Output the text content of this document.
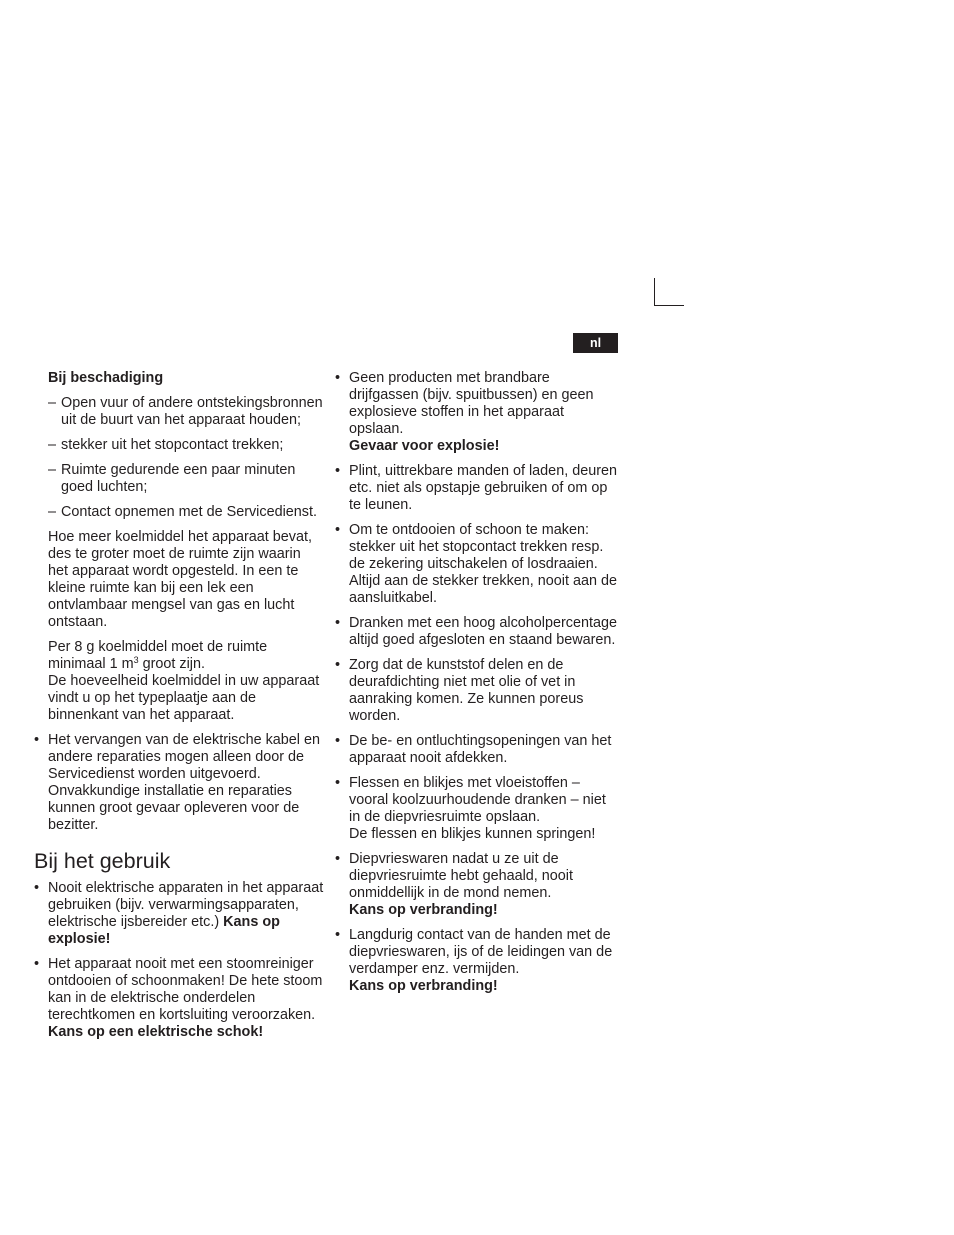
nl

Bij beschadiging

– Open vuur of andere ontstekingsbronnen uit de buurt van het apparaat houden;
– stekker uit het stopcontact trekken;
– Ruimte gedurende een paar minuten goed luchten;
– Contact opnemen met de Servicedienst.

Hoe meer koelmiddel het apparaat bevat, des te groter moet de ruimte zijn waarin het apparaat wordt opgesteld. In een te kleine ruimte kan bij een lek een ontvlambaar mengsel van gas en lucht ontstaan.

Per 8 g koelmiddel moet de ruimte minimaal 1 $m^3$ groot zijn.
De hoeveelheid koelmiddel in uw apparaat vindt u op het typeplaatje aan de binnenkant van het apparaat.
• Het vervangen van de elektrische kabel en andere reparaties mogen alleen door de Servicedienst worden uitgevoerd. Onvakkundige installatie en reparaties kunnen groot gevaar opleveren voor de bezitter.
Bij het gebruik
• Nooit elektrische apparaten in het apparaat gebruiken (bijv. verwarmingsapparaten, elektrische ijsbereider etc.) Kans op explosie!
• Het apparaat nooit met een stoomreiniger ontdooien of schoonmaken! De hete stoom kan in de elektrische onderdelen terechtkomen en kortsluiting veroorzaken.
Kans op een elektrische schok!
• Geen producten met brandbare drijfgassen (bijv. spuitbussen) en geen explosieve stoffen in het apparaat opslaan.
Gevaar voor explosie!
• Plint, uittrekbare manden of laden, deuren etc. niet als opstapje gebruiken of om op te leunen.
• Om te ontdooien of schoon te maken: stekker uit het stopcontact trekken resp. de zekering uitschakelen of losdraaien.
Altijd aan de stekker trekken, nooit aan de aansluitkabel.
• Dranken met een hoog alcoholpercentage altijd goed afgesloten en staand bewaren.
• Zorg dat de kunststof delen en de deurafdichting niet met olie of vet in aanraking komen. Ze kunnen poreus worden.
• De be- en ontluchtingsopeningen van het apparaat nooit afdekken.
• Flessen en blikjes met vloeistoffen – vooral koolzuurhoudende dranken – niet in de diepvriesruimte opslaan.
De flessen en blikjes kunnen springen!
• Diepvrieswaren nadat u ze uit de diepvriesruimte hebt gehaald, nooit onmiddellijk in de mond nemen.
Kans op verbranding!
• Langdurig contact van de handen met de diepvrieswaren, ijs of de leidingen van de verdamper enz. vermijden.
Kans op verbranding!
